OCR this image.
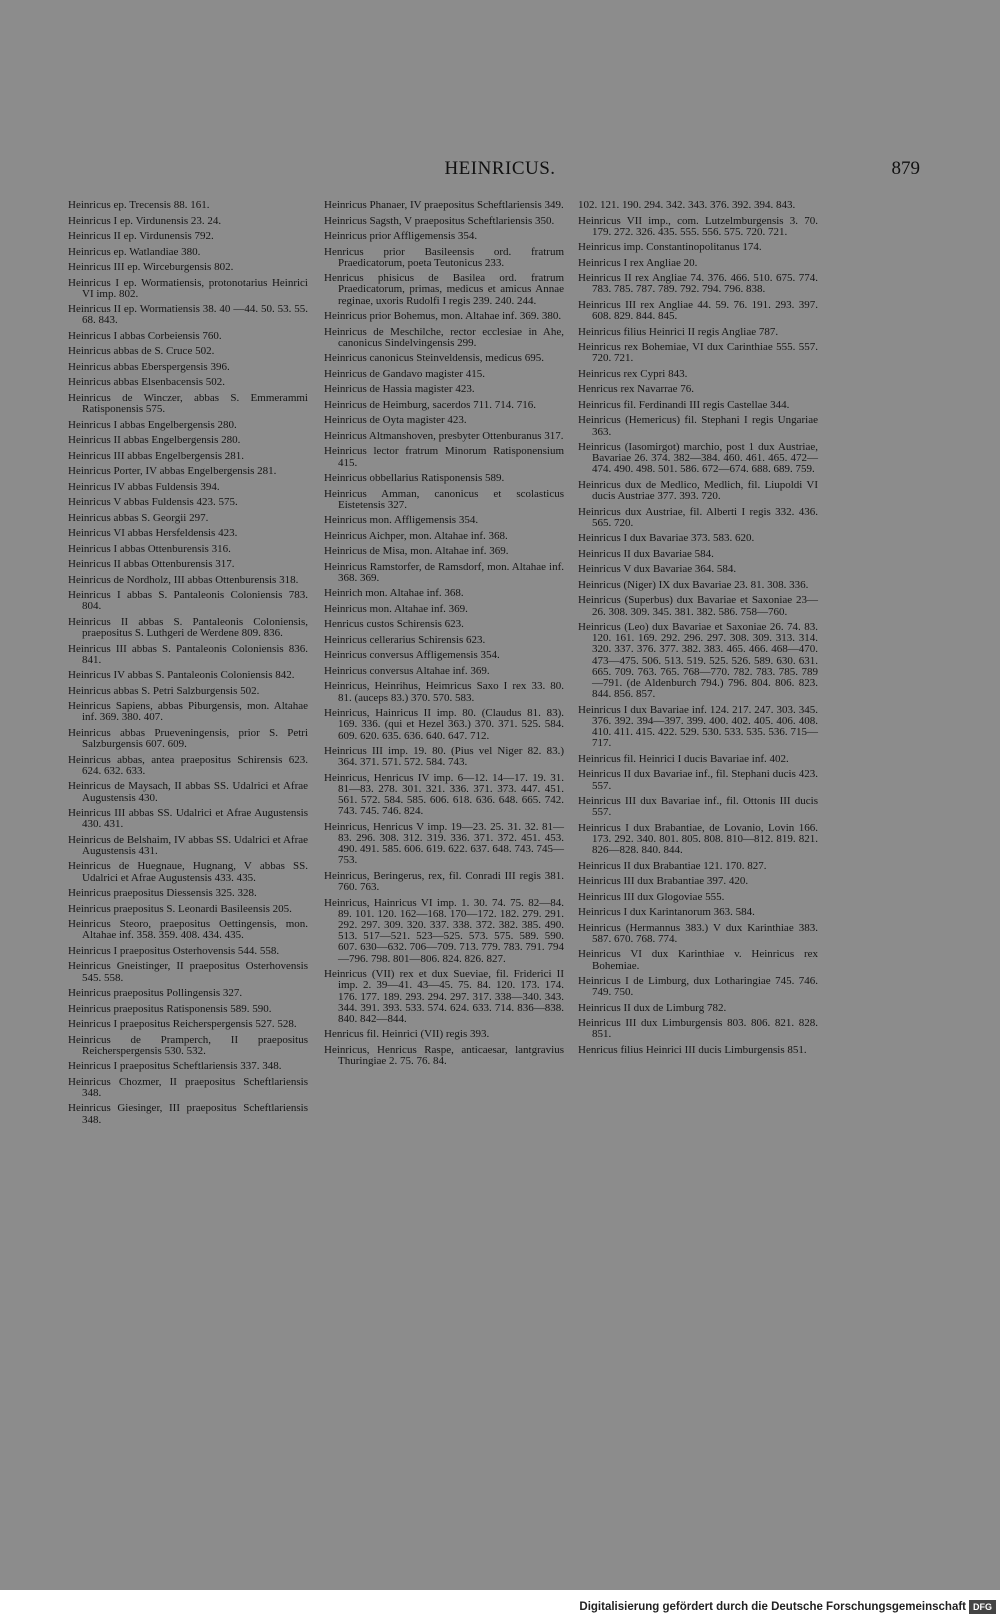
HEINRICUS.	879

Heinricus ep. Trecensis 88. 161.

Heinricus I ep. Virdunensis 23. 24.

Heinricus II ep. Virdunensis 792.

Heinricus ep. Watlandiae 380.

Heinricus III ep. Wirceburgensis 802.

Heinricus I ep. Wormatiensis, protonotarius Heinrici VI imp. 802.

Heinricus II ep. Wormatiensis 38. 40 —44. 50. 53. 55. 68. 843.

Heinricus I abbas Corbeiensis 760.

Heinricus abbas de S. Cruce 502.

Heinricus abbas Eberspergensis 396.

Heinricus abbas Elsenbacensis 502.

Heinricus de Winczer, abbas S. Emmerammi Ratisponensis 575.

Heinricus I abbas Engelbergensis 280.

Heinricus II abbas Engelbergensis 280.

Heinricus III abbas Engelbergensis 281.

Heinricus Porter, IV abbas Engelbergensis 281.

Heinricus IV abbas Fuldensis 394.

Heinricus V abbas Fuldensis 423. 575.

Heinricus abbas S. Georgii 297.

Heinricus VI abbas Hersfeldensis 423.

Heinricus I abbas Ottenburensis 316.

Heinricus II abbas Ottenburensis 317.

Heinricus de Nordholz, III abbas Ottenburensis 318.

Heinricus I abbas S. Pantaleonis Coloniensis 783. 804.

Heinricus II abbas S. Pantaleonis Coloniensis, praepositus S. Luthgeri de Werdene 809. 836.

Heinricus III abbas S. Pantaleonis Coloniensis 836. 841.

Heinricus IV abbas S. Pantaleonis Coloniensis 842.

Heinricus abbas S. Petri Salzburgensis 502.

Heinricus Sapiens, abbas Piburgensis, mon. Altahae inf. 369. 380. 407.

Heinricus abbas Prueveningensis, prior S. Petri Salzburgensis 607. 609.

Heinricus abbas, antea praepositus Schirensis 623. 624. 632. 633.

Heinricus de Maysach, II abbas SS. Udalrici et Afrae Augustensis 430.

Heinricus III abbas SS. Udalrici et Afrae Augustensis 430. 431.

Heinricus de Belshaim, IV abbas SS. Udalrici et Afrae Augustensis 431.

Heinricus de Huegnaue, Hugnang, V abbas SS. Udalrici et Afrae Augustensis 433. 435.

Heinricus praepositus Diessensis 325. 328.

Heinricus praepositus S. Leonardi Basileensis 205.

Heinricus Steoro, praepositus Oettingensis, mon. Altahae inf. 358. 359. 408. 434. 435.

Heinricus I praepositus Osterhovensis 544. 558.

Heinricus Gneistinger, II praepositus Osterhovensis 545. 558.

Heinricus praepositus Pollingensis 327.

Heinricus praepositus Ratisponensis 589. 590.

Heinricus I praepositus Reicherspergensis 527. 528.

Heinricus de Pramperch, II praepositus Reicherspergensis 530. 532.

Heinricus I praepositus Scheftlariensis 337. 348.

Heinricus Chozmer, II praepositus Scheftlariensis 348.

Heinricus Giesinger, III praepositus Scheftlariensis 348.

Heinricus Phanaer, IV praepositus Scheftlariensis 349.

Heinricus Sagsth, V praepositus Scheftlariensis 350.

Heinricus prior Affligemensis 354.

Henricus prior Basileensis ord. fratrum Praedicatorum, poeta Teutonicus 233.

Henricus phisicus de Basilea ord. fratrum Praedicatorum, primas, medicus et amicus Annae reginae, uxoris Rudolfi I regis 239. 240. 244.

Heinricus prior Bohemus, mon. Altahae inf. 369. 380.

Heinricus de Meschilche, rector ecclesiae in Ahe, canonicus Sindelvingensis 299.

Heinricus canonicus Steinveldensis, medicus 695.

Heinricus de Gandavo magister 415.

Heinricus de Hassia magister 423.

Heinricus de Heimburg, sacerdos 711. 714. 716.

Heinricus de Oyta magister 423.

Heinricus Altmanshoven, presbyter Ottenburanus 317.

Heinricus lector fratrum Minorum Ratisponensium 415.

Heinricus obbellarius Ratisponensis 589.

Heinricus Amman, canonicus et scolasticus Eistetensis 327.

Heinricus mon. Affligemensis 354.

Heinricus Aichper, mon. Altahae inf. 368.

Heinricus de Misa, mon. Altahae inf. 369.

Heinricus Ramstorfer, de Ramsdorf, mon. Altahae inf. 368. 369.

Heinrich mon. Altahae inf. 368.

Heinricus mon. Altahae inf. 369.

Henricus custos Schirensis 623.

Heinricus cellerarius Schirensis 623.

Heinricus conversus Affligemensis 354.

Heinricus conversus Altahae inf. 369.

Heinricus, Heinrihus, Heimricus Saxo I rex 33. 80. 81. (auceps 83.) 370. 570. 583.

Heinricus, Hainricus II imp. 80. (Claudus 81. 83). 169. 336. (qui et Hezel 363.) 370. 371. 525. 584. 609. 620. 635. 636. 640. 647. 712.

Heinricus III imp. 19. 80. (Pius vel Niger 82. 83.) 364. 371. 571. 572. 584. 743.

Heinricus, Henricus IV imp. 6—12. 14—17. 19. 31. 81—83. 278. 301. 321. 336. 371. 373. 447. 451. 561. 572. 584. 585. 606. 618. 636. 648. 665. 742. 743. 745. 746. 824.

Heinricus, Henricus V imp. 19—23. 25. 31. 32. 81—83. 296. 308. 312. 319. 336. 371. 372. 451. 453. 490. 491. 585. 606. 619. 622. 637. 648. 743. 745—753.

Heinricus, Beringerus, rex, fil. Conradi III regis 381. 760. 763.

Heinricus, Hainricus VI imp. 1. 30. 74. 75. 82—84. 89. 101. 120. 162—168. 170—172. 182. 279. 291. 292. 297. 309. 320. 337. 338. 372. 382. 385. 490. 513. 517—521. 523—525. 573. 575. 589. 590. 607. 630—632. 706—709. 713. 779. 783. 791. 794—796. 798. 801—806. 824. 826. 827.

Heinricus (VII) rex et dux Sueviae, fil. Friderici II imp. 2. 39—41. 43—45. 75. 84. 120. 173. 174. 176. 177. 189. 293. 294. 297. 317. 338—340. 343. 344. 391. 393. 533. 574. 624. 633. 714. 836—838. 840. 842—844.

Henricus fil. Heinrici (VII) regis 393.

Heinricus, Henricus Raspe, anticaesar, lantgravius Thuringiae 2. 75. 76. 84.

102. 121. 190. 294. 342. 343. 376. 392. 394. 843.

Heinricus VII imp., com. Lutzelmburgensis 3. 70. 179. 272. 326. 435. 555. 556. 575. 720. 721.

Heinricus imp. Constantinopolitanus 174.

Heinricus I rex Angliae 20.

Heinricus II rex Angliae 74. 376. 466. 510. 675. 774. 783. 785. 787. 789. 792. 794. 796. 838.

Heinricus III rex Angliae 44. 59. 76. 191. 293. 397. 608. 829. 844. 845.

Heinricus filius Heinrici II regis Angliae 787.

Heinricus rex Bohemiae, VI dux Carinthiae 555. 557. 720. 721.

Heinricus rex Cypri 843.

Henricus rex Navarrae 76.

Heinricus fil. Ferdinandi III regis Castellae 344.

Heinricus (Hemericus) fil. Stephani I regis Ungariae 363.

Heinricus (Iasomirgot) marchio, post 1 dux Austriae, Bavariae 26. 374. 382—384. 460. 461. 465. 472—474. 490. 498. 501. 586. 672—674. 688. 689. 759.

Heinricus dux de Medlico, Medlich, fil. Liupoldi VI ducis Austriae 377. 393. 720.

Heinricus dux Austriae, fil. Alberti I regis 332. 436. 565. 720.

Heinricus I dux Bavariae 373. 583. 620.

Heinricus II dux Bavariae 584.

Heinricus V dux Bavariae 364. 584.

Heinricus (Niger) IX dux Bavariae 23. 81. 308. 336.

Heinricus (Superbus) dux Bavariae et Saxoniae 23—26. 308. 309. 345. 381. 382. 586. 758—760.

Heinricus (Leo) dux Bavariae et Saxoniae 26. 74. 83. 120. 161. 169. 292. 296. 297. 308. 309. 313. 314. 320. 337. 376. 377. 382. 383. 465. 466. 468—470. 473—475. 506. 513. 519. 525. 526. 589. 630. 631. 665. 709. 763. 765. 768—770. 782. 783. 785. 789—791. (de Aldenburch 794.) 796. 804. 806. 823. 844. 856. 857.

Heinricus I dux Bavariae inf. 124. 217. 247. 303. 345. 376. 392. 394—397. 399. 400. 402. 405. 406. 408. 410. 411. 415. 422. 529. 530. 533. 535. 536. 715—717.

Heinricus fil. Heinrici I ducis Bavariae inf. 402.

Heinricus II dux Bavariae inf., fil. Stephani ducis 423. 557.

Heinricus III dux Bavariae inf., fil. Ottonis III ducis 557.

Heinricus I dux Brabantiae, de Lovanio, Lovin 166. 173. 292. 340. 801. 805. 808. 810—812. 819. 821. 826—828. 840. 844.

Heinricus II dux Brabantiae 121. 170. 827.

Heinricus III dux Brabantiae 397. 420.

Heinricus III dux Glogoviae 555.

Heinricus I dux Karintanorum 363. 584.

Heinricus (Hermannus 383.) V dux Karinthiae 383. 587. 670. 768. 774.

Heinricus VI dux Karinthiae v. Heinricus rex Bohemiae.

Heinricus I de Limburg, dux Lotharingiae 745. 746. 749. 750.

Heinricus II dux de Limburg 782.

Heinricus III dux Limburgensis 803. 806. 821. 828. 851.

Henricus filius Heinrici III ducis Limburgensis 851.

Digitalisierung gefördert durch die Deutsche Forschungsgemeinschaft DFG
